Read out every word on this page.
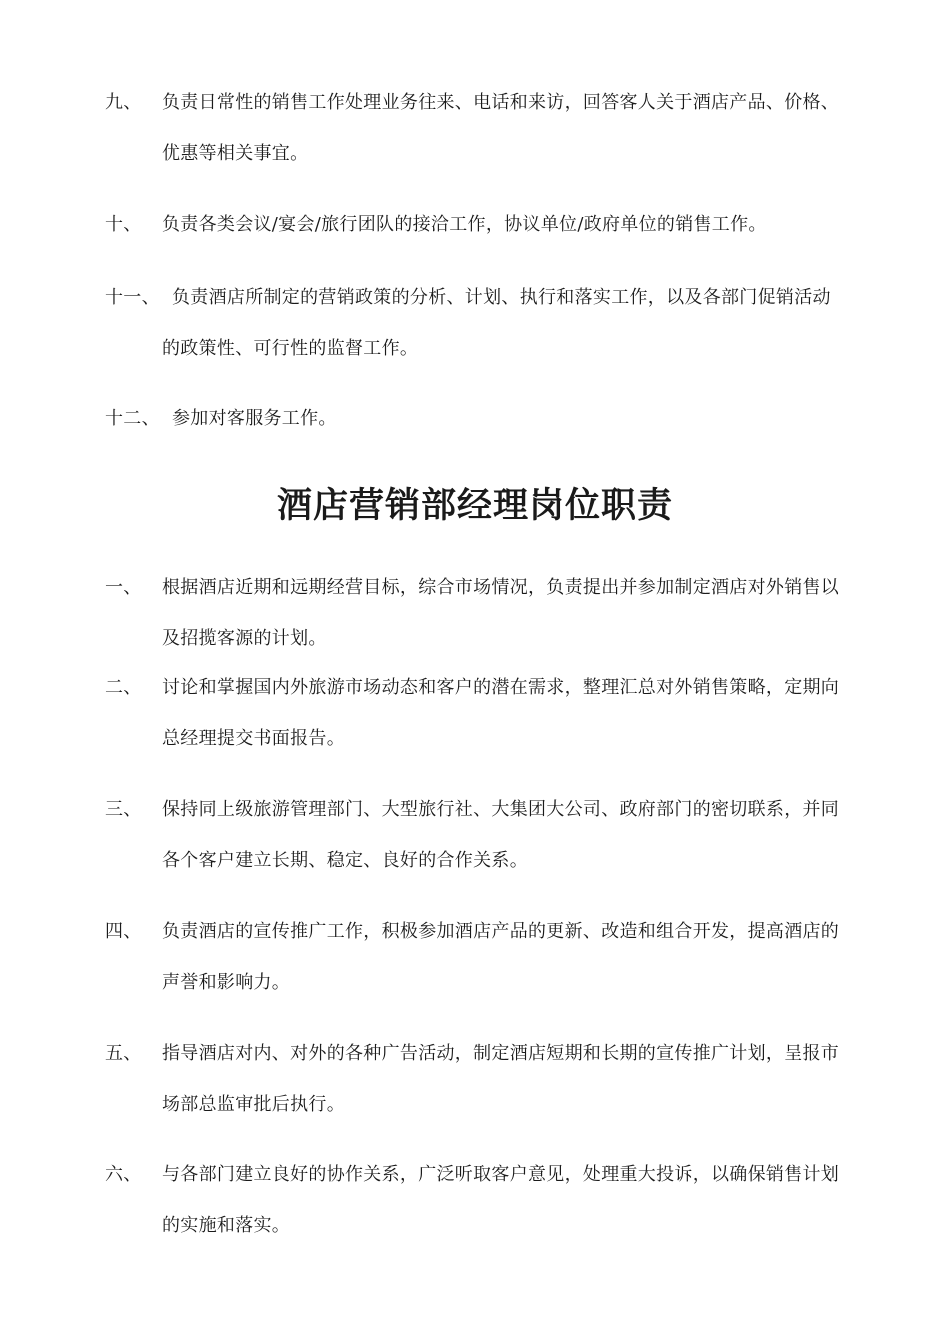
九、	负责日常性的销售工作处理业务往来、电话和来访，回答客人关于酒店产品、价格、优惠等相关事宜。
十、	负责各类会议/宴会/旅行团队的接洽工作，协议单位/政府单位的销售工作。
十一、 负责酒店所制定的营销政策的分析、计划、执行和落实工作，以及各部门促销活动的政策性、可行性的监督工作。
十二、 参加对客服务工作。
酒店营销部经理岗位职责
一、	根据酒店近期和远期经营目标，综合市场情况，负责提出并参加制定酒店对外销售以及招揽客源的计划。
二、	讨论和掌握国内外旅游市场动态和客户的潜在需求，整理汇总对外销售策略，定期向总经理提交书面报告。
三、	保持同上级旅游管理部门、大型旅行社、大集团大公司、政府部门的密切联系，并同各个客户建立长期、稳定、良好的合作关系。
四、	负责酒店的宣传推广工作，积极参加酒店产品的更新、改造和组合开发，提高酒店的声誉和影响力。
五、	指导酒店对内、对外的各种广告活动，制定酒店短期和长期的宣传推广计划，呈报市场部总监审批后执行。
六、	与各部门建立良好的协作关系，广泛听取客户意见，处理重大投诉，以确保销售计划的实施和落实。
